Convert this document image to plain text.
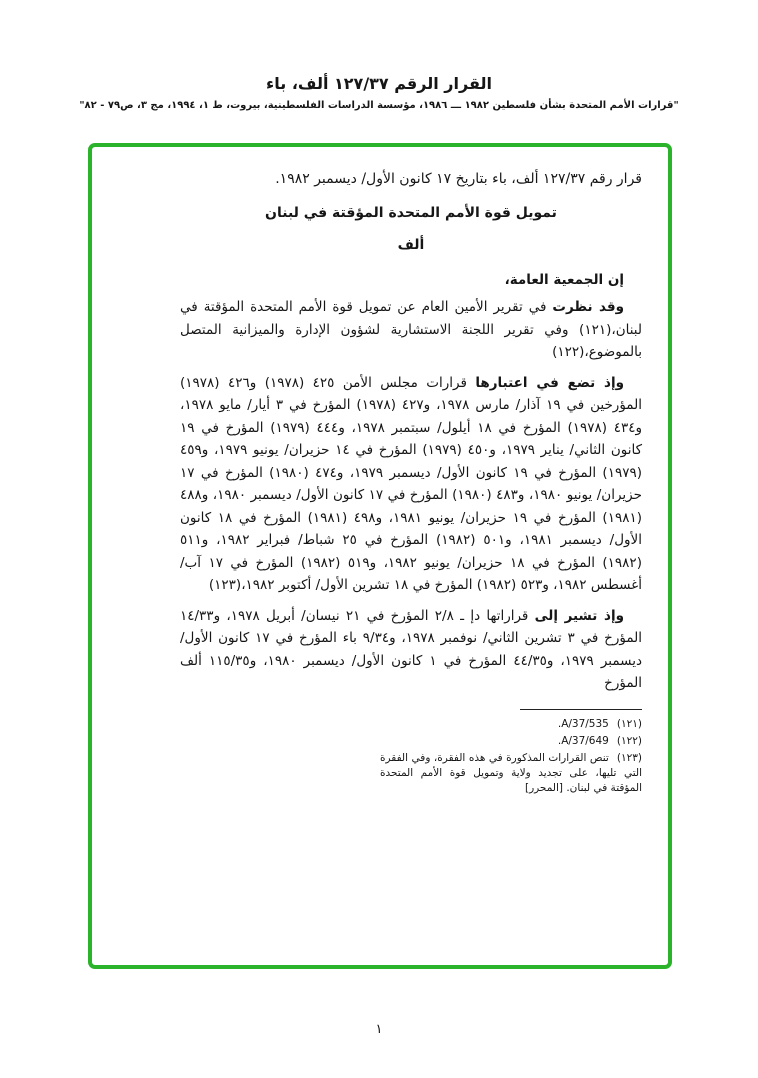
القرار الرقم ١٢٧/٣٧ ألف، باء

"قرارات الأمم المتحدة بشأن فلسطين ١٩٨٢ ـــ ١٩٨٦، مؤسسة الدراسات الفلسطينية، بيروت، ط ١، ١٩٩٤، مج ٣، ص٧٩ - ٨٢"

قرار رقم ١٢٧/٣٧ ألف، باء بتاريخ ١٧ كانون الأول/ ديسمبر ١٩٨٢.

تمويل قوة الأمم المتحدة المؤقتة في لبنان

ألف

إن الجمعية العامة،

وقد نظرت في تقرير الأمين العام عن تمويل قوة الأمم المتحدة المؤقتة في لبنان،(١٢١) وفي تقرير اللجنة الاستشارية لشؤون الإدارة والميزانية المتصل بالموضوع،(١٢٢)

وإذ تضع في اعتبارها قرارات مجلس الأمن ٤٢٥ (١٩٧٨) و٤٢٦ (١٩٧٨) المؤرخين في ١٩ آذار/ مارس ١٩٧٨، و٤٢٧ (١٩٧٨) المؤرخ في ٣ أيار/ مايو ١٩٧٨، و٤٣٤ (١٩٧٨) المؤرخ في ١٨ أيلول/ سبتمبر ١٩٧٨، و٤٤٤ (١٩٧٩) المؤرخ في ١٩ كانون الثاني/ يناير ١٩٧٩، و٤٥٠ (١٩٧٩) المؤرخ في ١٤ حزيران/ يونيو ١٩٧٩، و٤٥٩ (١٩٧٩) المؤرخ في ١٩ كانون الأول/ ديسمبر ١٩٧٩، و٤٧٤ (١٩٨٠) المؤرخ في ١٧ حزيران/ يونيو ١٩٨٠، و٤٨٣ (١٩٨٠) المؤرخ في ١٧ كانون الأول/ ديسمبر ١٩٨٠، و٤٨٨ (١٩٨١) المؤرخ في ١٩ حزيران/ يونيو ١٩٨١، و٤٩٨ (١٩٨١) المؤرخ في ١٨ كانون الأول/ ديسمبر ١٩٨١، و٥٠١ (١٩٨٢) المؤرخ في ٢٥ شباط/ فبراير ١٩٨٢، و٥١١ (١٩٨٢) المؤرخ في ١٨ حزيران/ يونيو ١٩٨٢، و٥١٩ (١٩٨٢) المؤرخ في ١٧ آب/ أغسطس ١٩٨٢، و٥٢٣ (١٩٨٢) المؤرخ في ١٨ تشرين الأول/ أكتوبر ١٩٨٢،(١٢٣)

وإذ تشير إلى قراراتها دإ ـ ٢/٨ المؤرخ في ٢١ نيسان/ أبريل ١٩٧٨، و١٤/٣٣ المؤرخ في ٣ تشرين الثاني/ نوفمبر ١٩٧٨، و٩/٣٤ باء المؤرخ في ١٧ كانون الأول/ ديسمبر ١٩٧٩، و٤٤/٣٥ المؤرخ في ١ كانون الأول/ ديسمبر ١٩٨٠، و١١٥/٣٥ ألف المؤرخ

(١٢١)A/37/535.

(١٢٢)A/37/649.

(١٢٣)تنص القرارات المذكورة في هذه الفقرة، وفي الفقرة التي تليها، على تجديد ولاية وتمويل قوة الأمم المتحدة المؤقتة في لبنان. [المحرر]

١
